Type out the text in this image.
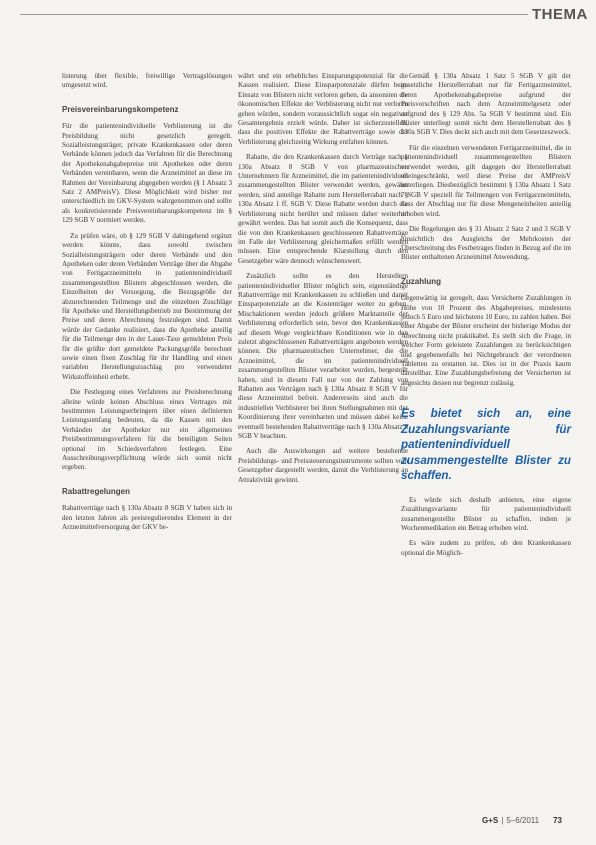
THEMA

listerung über flexible, freiwillige Vertragslösungen umgesetzt wird.

Preisvereinbarungskompetenz

Für die patientenindividuelle Verblisterung ist die Preisbildung nicht gesetzlich geregelt. Sozialleistungsträger, private Krankenkassen oder deren Verbände können jedoch das Verfahren für die Berechnung der Apothekenabgabepreise mit Apotheken oder deren Verbänden vereinbaren, wenn die Arzneimittel an diese im Rahmen der Vereinbarung abgegeben werden (§ 1 Absatz 3 Satz 2 AMPreisV). Diese Möglichkeit wird bisher nur unterschiedlich im GKV-System wahrgenommen und sollte als konkretisierende Preisvereinbarungskompetenz im § 129 SGB V normiert werden.

Zu prüfen wäre, ob § 129 SGB V dahingehend ergänzt werden könnte, dass sowohl zwischen Sozialleistungsträgern oder deren Verbände und den Apotheken oder deren Verbänden Verträge über die Abgabe von Fertigarzneimitteln in patientenindividuell zusammengestellten Blistern abgeschlossen werden, die Einzelheiten der Versorgung, die Bezugsgröße der abzurechnenden Teilmenge und die einzelnen Zuschläge für Apotheke und Herstellungsbetrieb zur Bestimmung der Preise und deren Abrechnung festzulegen sind. Damit würde der Gedanke realisiert, dass die Apotheke anteilig für die Teilmenge den in der Lauer-Taxe gemeldeten Preis für die größte dort gemeldete Packungsgröße berechnet sowie einen fixen Zuschlag für ihr Handling und einen variablen Herstellungszuschlag pro verwendeter Wirkstoffeinheit erhebt.

Die Festlegung eines Verfahrens zur Preisberechnung alleine würde keinen Abschluss eines Vertrages mit bestimmten Leistungserbringern über einen definierten Leistungsumfang bedeuten, da die Kassen mit den Verbänden der Apotheker nur ein allgemeines Preisbestimmungsverfahren für die beteiligten Seiten optional im Schiedsverfahren festlegen. Eine Ausschreibungsverpflichtung würde sich somit nicht ergeben.

Rabattregelungen

Rabattverträge nach § 130a Absatz 8 SGB V haben sich in den letzten Jahren als preisregulierendes Element in der Arzneimittelversorgung der GKV be-

währt und ein erhebliches Einsparungspotenzial für die Kassen realisiert. Diese Einsparpotenziale dürfen beim Einsatz von Blistern nicht verloren gehen, da ansonsten die ökonomischen Effekte der Verblisterung nicht nur verloren gehen würden, sondern voraussichtlich sogar ein negativer Gesamtergebnis erzielt würde. Daher ist sicherzustellen, dass die positiven Effekte der Rabattverträge sowie der Verblisterung gleichzeitig Wirkung entfalten können.

Rabatte, die den Krankenkassen durch Verträge nach § 130a Absatz 8 SGB V von pharmazeutischen Unternehmern für Arzneimittel, die im patientenindividuell zusammengestellten Blister verwendet werden, gewährt werden, sind anteilige Rabatte zum Herstellerrabatt nach § 130a Absatz 1 ff. SGB V. Diese Rabatte werden durch die Verblisterung nicht berührt und müssen daher weiterhin gewährt werden. Das hat somit auch die Konsequenz, dass die von den Krankenkassen geschlossenen Rabattverträge im Falle der Verblisterung gleichermaßen erfüllt werden müssen. Eine entsprechende Klarstellung durch den Gesetzgeber wäre dennoch wünschenswert.

Zusätzlich sollte es den Herstellern patientenindividueller Blister möglich sein, eigenständige Rabattverträge mit Krankenkassen zu schließen und damit Einsparpotenziale an die Kostenträger weiter zu geben. Mischaktionen werden jedoch größere Marktanteile der Verblisterung erforderlich sein, bevor den Krankenkassen auf diesem Wege vergleichbare Konditionen wie in den zuletzt abgeschlossenen Rabattverträgen angeboten werden können. Die pharmazeutischen Unternehmer, die die Arzneimittel, die im patientenindividuell zusammengestellten Blister verarbeitet wurden, hergestellt haben, sind in diesem Fall nur von der Zahlung von Rabatten aus Verträgen nach § 130a Absatz 8 SGB V für diese Arzneimittel befreit. Andererseits sind auch die industriellen Verblisterer bei ihren Stellungnahmen mit der Koordinierung ihrer vereinbarten und müssen dabei keine eventuell bestehenden Rabattverträge nach § 130a Absatz 8 SGB V beachten.

Auch die Auswirkungen auf weitere bestehende Preisbildungs- und Preissteuerungsinstrumente sollten vom Gesetzgeber dargestellt werden, damit die Verblisterung an Attraktivität gewinnt.

Gemäß § 130a Absatz 1 Satz 5 SGB V gilt der gesetzliche Herstellerrabatt nur für Fertigarzneimittel, deren Apothekenabgabepreise aufgrund der Preisvorschriften nach dem Arzneimittelgesetz oder aufgrund des § 129 Abs. 5a SGB V bestimmt sind. Ein Blister unterliegt somit nicht dem Herstellerrabatt des § 130a SGB V. Dies deckt sich auch mit dem Gesetzeszweck.

Für die einzelnen verwendeten Fertigarzneimittel, die in patientenindividuell zusammengestellten Blistern verwendet werden, gilt dagegen der Herstellerrabatt uneingeschränkt, weil diese Preise der AMPreisV unterliegen. Diesbezüglich bestimmt § 130a Absatz 1 Satz 7 SGB V speziell für Teilmengen von Fertigarzneimitteln, dass der Abschlag nur für diese Mengeneinheiten anteilig erhoben wird.

Die Regelungen des § 31 Absatz 2 Satz 2 und 3 SGB V hinsichtlich des Ausgleichs der Mehrkosten der Überschreitung des Festbetrages finden in Bezug auf die im Blister enthaltenen Arzneimittel Anwendung.

Zuzahlung

Gegenwärtig ist geregelt, dass Versicherte Zuzahlungen in Höhe von 10 Prozent des Abgabepreises, mindestens jedoch 5 Euro und höchstens 10 Euro, zu zahlen haben. Bei einer Abgabe der Blister erscheint der bisherige Modus der Abrechnung nicht praktikabel. Es stellt sich die Frage, in welcher Form geleistete Zuzahlungen zu berücksichtigen und gegebenenfalls bei Nichtgebrauch der verordneten Tabletten zu erstatten ist. Dies ist in der Praxis kaum darstellbar. Eine Zuzahlungsbefreiung der Versicherten ist angesichts dessen nur begrenzt zulässig.

Es bietet sich an, eine Zuzahlungsvariante für patientenindividuell zusammengestellte Blister zu schaffen.

Es würde sich deshalb anbieten, eine eigene Zuzahlungsvariante für patientenindividuell zusammengestellte Blister zu schaffen, indem je Wochenmedikation ein Betrag erhoben wird.

Es wäre zudem zu prüfen, ob den Krankenkassen optional die Möglich-

G+S | 5–6/2011 73
